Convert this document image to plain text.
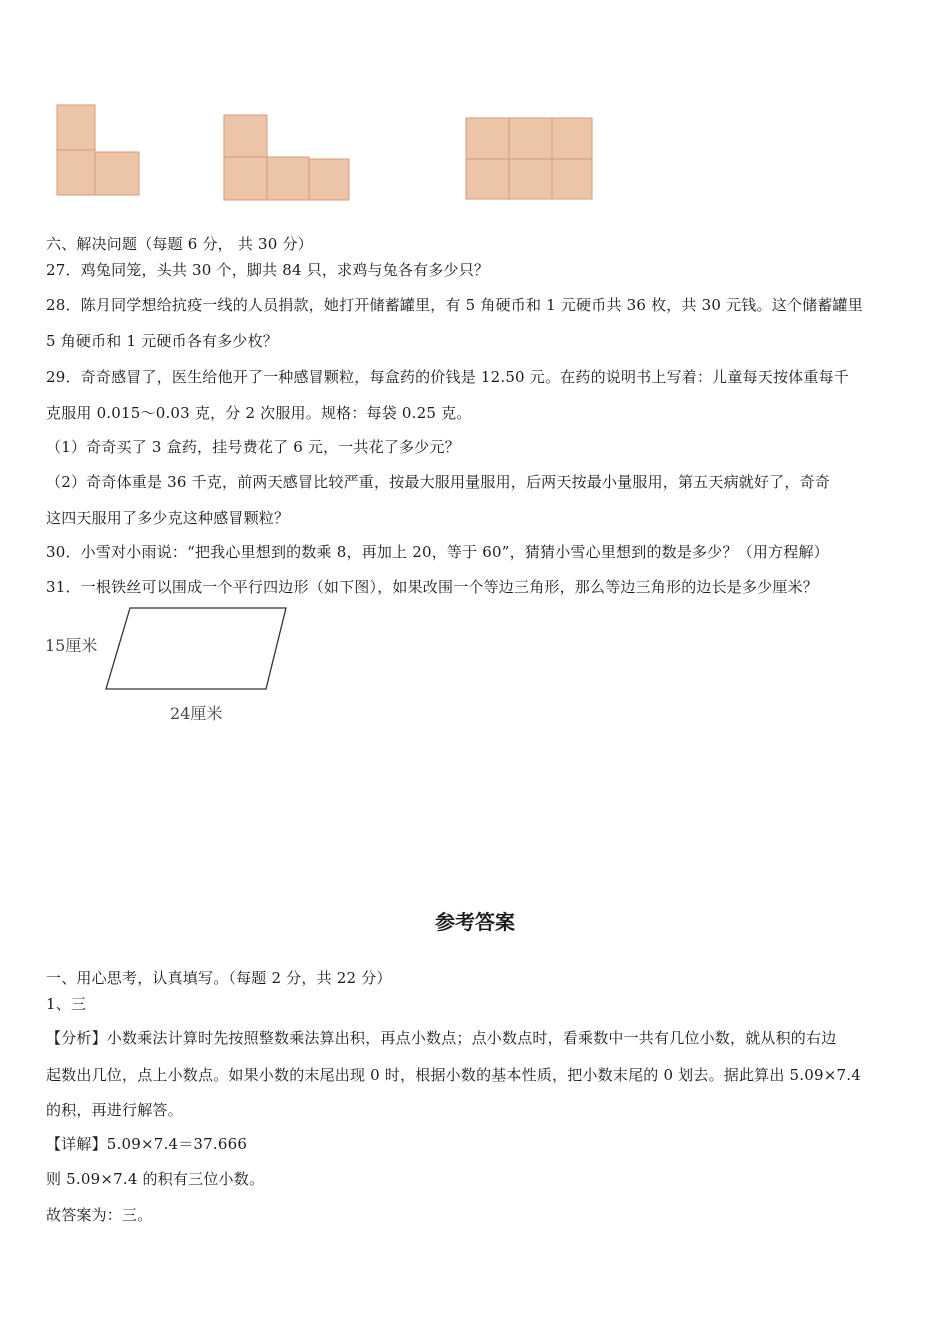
六、解决问题（每题 6 分， 共 30 分）
27．鸡兔同笼，头共 30 个，脚共 84 只，求鸡与兔各有多少只？
28．陈月同学想给抗疫一线的人员捐款，她打开储蓄罐里，有 5 角硬币和 1 元硬币共 36 枚，共 30 元钱。这个储蓄罐里
5 角硬币和 1 元硬币各有多少枚？
29．奇奇感冒了，医生给他开了一种感冒颗粒，每盒药的价钱是 12.50 元。在药的说明书上写着：儿童每天按体重每千
克服用 0.015～0.03 克，分 2 次服用。规格：每袋 0.25 克。
（1）奇奇买了 3 盒药，挂号费花了 6 元，一共花了多少元？
（2）奇奇体重是 36 千克，前两天感冒比较严重，按最大服用量服用，后两天按最小量服用，第五天病就好了，奇奇
这四天服用了多少克这种感冒颗粒？
30．小雪对小雨说：“把我心里想到的数乘 8，再加上 20，等于 60”，猜猜小雪心里想到的数是多少？（用方程解）
31．一根铁丝可以围成一个平行四边形（如下图），如果改围一个等边三角形，那么等边三角形的边长是多少厘米？
15厘米
24厘米
参考答案
一、用心思考，认真填写。（每题 2 分，共 22 分）
1、三
【分析】小数乘法计算时先按照整数乘法算出积，再点小数点；点小数点时，看乘数中一共有几位小数，就从积的右边
起数出几位，点上小数点。如果小数的末尾出现 0 时，根据小数的基本性质，把小数末尾的 0 划去。据此算出 5.09×7.4
的积，再进行解答。
【详解】5.09×7.4＝37.666
则 5.09×7.4 的积有三位小数。
故答案为：三。
